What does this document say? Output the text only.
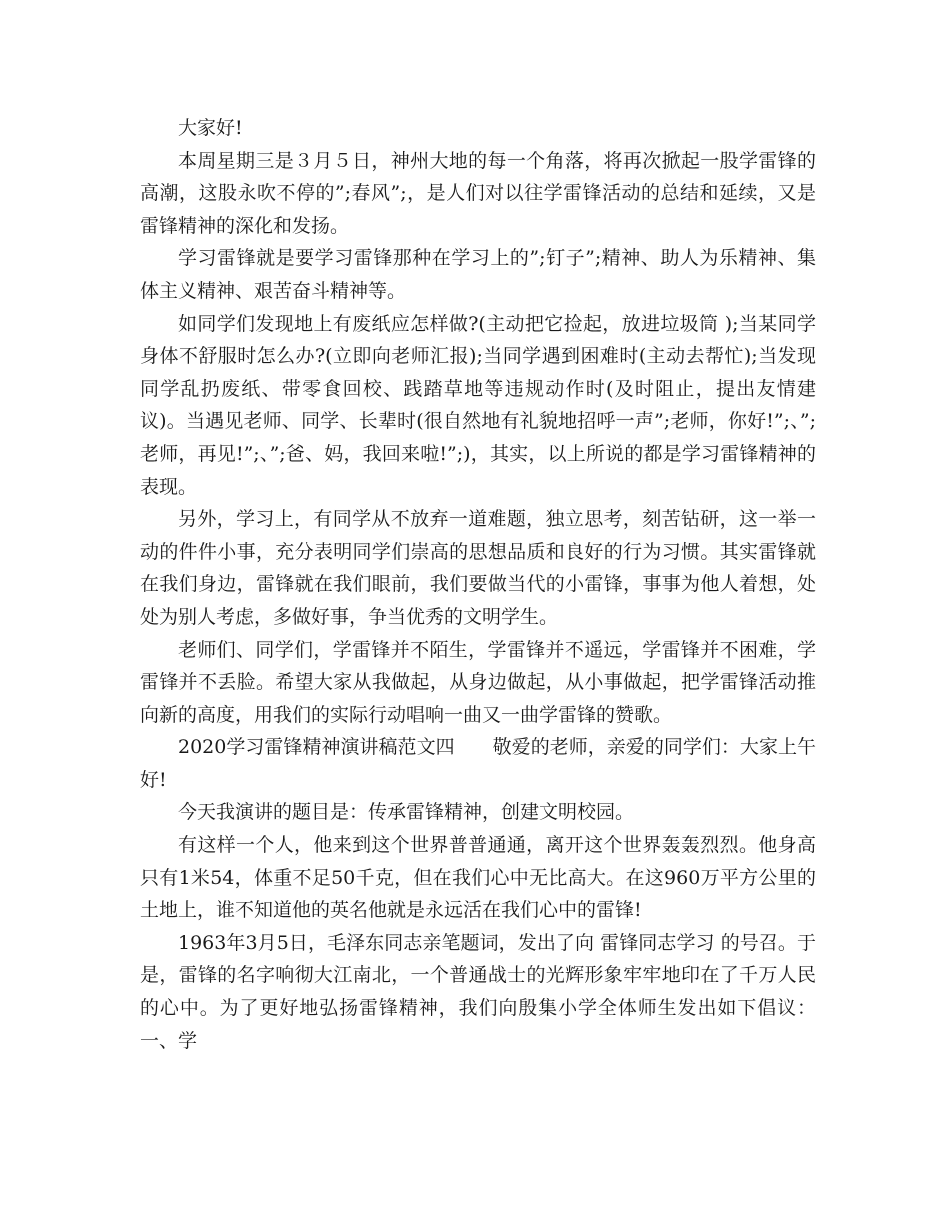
大家好!

本周星期三是３月５日，神州大地的每一个角落，将再次掀起一股学雷锋的高潮，这股永吹不停的”;春风”;，是人们对以往学雷锋活动的总结和延续，又是雷锋精神的深化和发扬。

学习雷锋就是要学习雷锋那种在学习上的”;钉子”;精神、助人为乐精神、集体主义精神、艰苦奋斗精神等。

如同学们发现地上有废纸应怎样做?(主动把它捡起，放进垃圾筒 );当某同学身体不舒服时怎么办?(立即向老师汇报);当同学遇到困难时(主动去帮忙);当发现同学乱扔废纸、带零食回校、践踏草地等违规动作时(及时阻止，提出友情建议)。当遇见老师、同学、长辈时(很自然地有礼貌地招呼一声”;老师，你好!”;、”;老师，再见!”;、”;爸、妈，我回来啦!”;)，其实，以上所说的都是学习雷锋精神的表现。

另外，学习上，有同学从不放弃一道难题，独立思考，刻苦钻研，这一举一动的件件小事，充分表明同学们崇高的思想品质和良好的行为习惯。其实雷锋就在我们身边，雷锋就在我们眼前，我们要做当代的小雷锋，事事为他人着想，处处为别人考虑，多做好事，争当优秀的文明学生。

老师们、同学们，学雷锋并不陌生，学雷锋并不遥远，学雷锋并不困难，学雷锋并不丢脸。希望大家从我做起，从身边做起，从小事做起，把学雷锋活动推向新的高度，用我们的实际行动唱响一曲又一曲学雷锋的赞歌。

2020学习雷锋精神演讲稿范文四　　敬爱的老师，亲爱的同学们：大家上午好!

今天我演讲的题目是：传承雷锋精神，创建文明校园。

有这样一个人，他来到这个世界普普通通，离开这个世界轰轰烈烈。他身高只有1米54，体重不足50千克，但在我们心中无比高大。在这960万平方公里的土地上，谁不知道他的英名他就是永远活在我们心中的雷锋!

1963年3月5日，毛泽东同志亲笔题词，发出了向 雷锋同志学习 的号召。于是，雷锋的名字响彻大江南北，一个普通战士的光辉形象牢牢地印在了千万人民的心中。为了更好地弘扬雷锋精神，我们向殷集小学全体师生发出如下倡议：一、学
